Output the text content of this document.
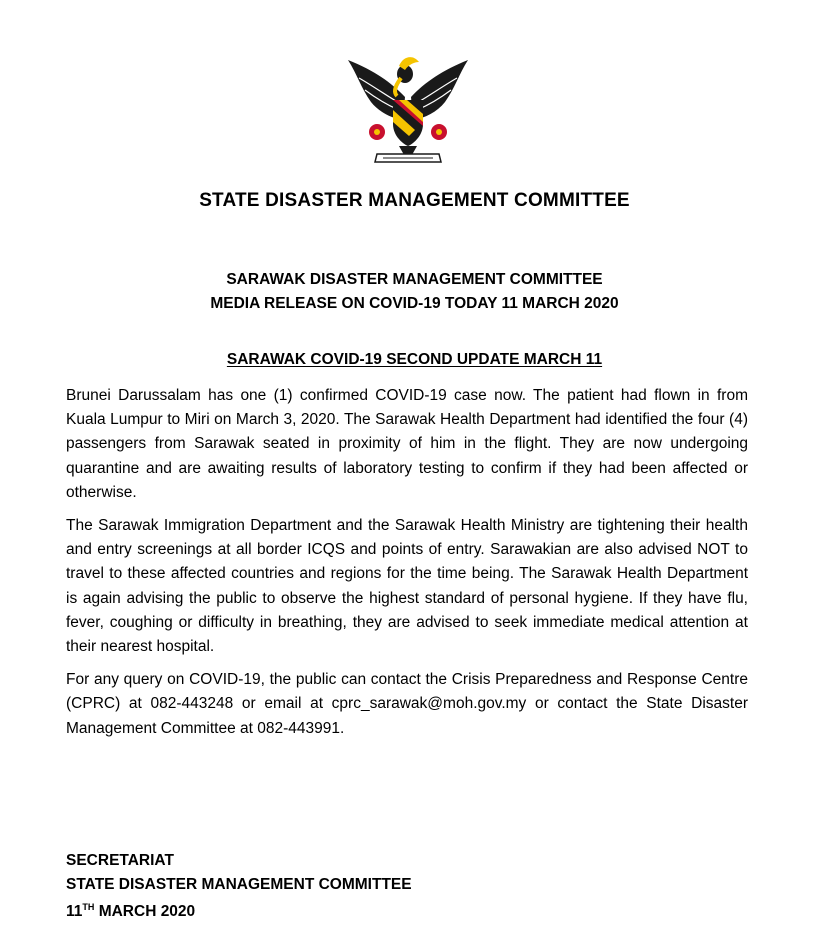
STATE DISASTER MANAGEMENT COMMITTEE
SARAWAK DISASTER MANAGEMENT COMMITTEE
MEDIA RELEASE ON COVID-19 TODAY 11 MARCH 2020
SARAWAK COVID-19 SECOND UPDATE MARCH 11

Brunei Darussalam has one (1) confirmed COVID-19 case now. The patient had flown in from Kuala Lumpur to Miri on March 3, 2020. The Sarawak Health Department had identified the four (4) passengers from Sarawak seated in proximity of him in the flight. They are now undergoing quarantine and are awaiting results of laboratory testing to confirm if they had been affected or otherwise.

The Sarawak Immigration Department and the Sarawak Health Ministry are tightening their health and entry screenings at all border ICQS and points of entry. Sarawakian are also advised NOT to travel to these affected countries and regions for the time being. The Sarawak Health Department is again advising the public to observe the highest standard of personal hygiene. If they have flu, fever, coughing or difficulty in breathing, they are advised to seek immediate medical attention at their nearest hospital.

For any query on COVID-19, the public can contact the Crisis Preparedness and Response Centre (CPRC) at 082-443248 or email at cprc_sarawak@moh.gov.my or contact the State Disaster Management Committee at 082-443991.

SECRETARIAT
STATE DISASTER MANAGEMENT COMMITTEE
11TH MARCH 2020
